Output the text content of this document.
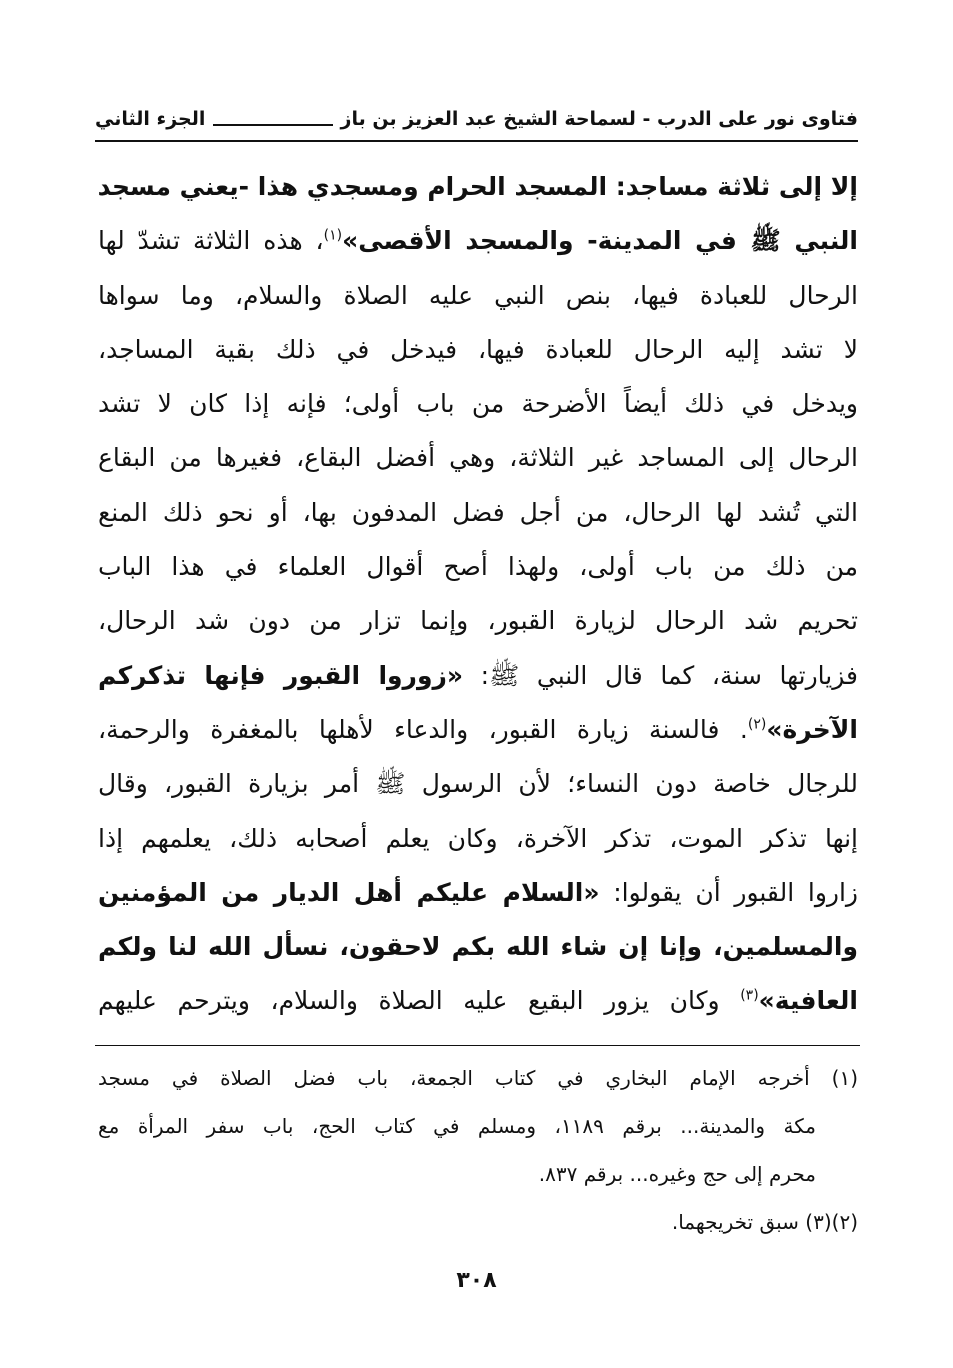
فتاوى نور على الدرب - لسماحة الشيخ عبد العزيز بن باز
الجزء الثاني
إلا إلى ثلاثة مساجد: المسجد الحرام ومسجدي هذا -يعني مسجد
النبي ﷺ في المدينة- والمسجد الأقصى»$^{(١)}$، هذه الثلاثة تشدّ لها
الرحال للعبادة فيها، بنص النبي عليه الصلاة والسلام، وما سواها
لا تشد إليه الرحال للعبادة فيها، فيدخل في ذلك بقية المساجد،
ويدخل في ذلك أيضاً الأضرحة من باب أولى؛ فإنه إذا كان لا تشد
الرحال إلى المساجد غير الثلاثة، وهي أفضل البقاع، فغيرها من البقاع
التي تُشد لها الرحال، من أجل فضل المدفون بها، أو نحو ذلك المنع
من ذلك من باب أولى، ولهذا أصح أقوال العلماء في هذا الباب
تحريم شد الرحال لزيارة القبور، وإنما تزار من دون شد الرحال،
فزيارتها سنة، كما قال النبي ﷺ: «زوروا القبور فإنها تذكركم
الآخرة»$^{(٢)}$. فالسنة زيارة القبور، والدعاء لأهلها بالمغفرة والرحمة،
للرجال خاصة دون النساء؛ لأن الرسول ﷺ أمر بزيارة القبور، وقال
إنها تذكر الموت، تذكر الآخرة، وكان يعلم أصحابه ذلك، يعلمهم إذا
زاروا القبور أن يقولوا: «السلام عليكم أهل الديار من المؤمنين
والمسلمين، وإنا إن شاء الله بكم لاحقون، نسأل الله لنا ولكم
العافية»$^{(٣)}$ وكان يزور البقيع عليه الصلاة والسلام، ويترحم عليهم
(١) أخرجه الإمام البخاري في كتاب الجمعة، باب فضل الصلاة في مسجد
مكة والمدينة... برقم ١١٨٩، ومسلم في كتاب الحج، باب سفر المرأة مع
محرم إلى حج وغيره... برقم ٨٣٧.
(٢)(٣) سبق تخريجهما.
٣٠٨
